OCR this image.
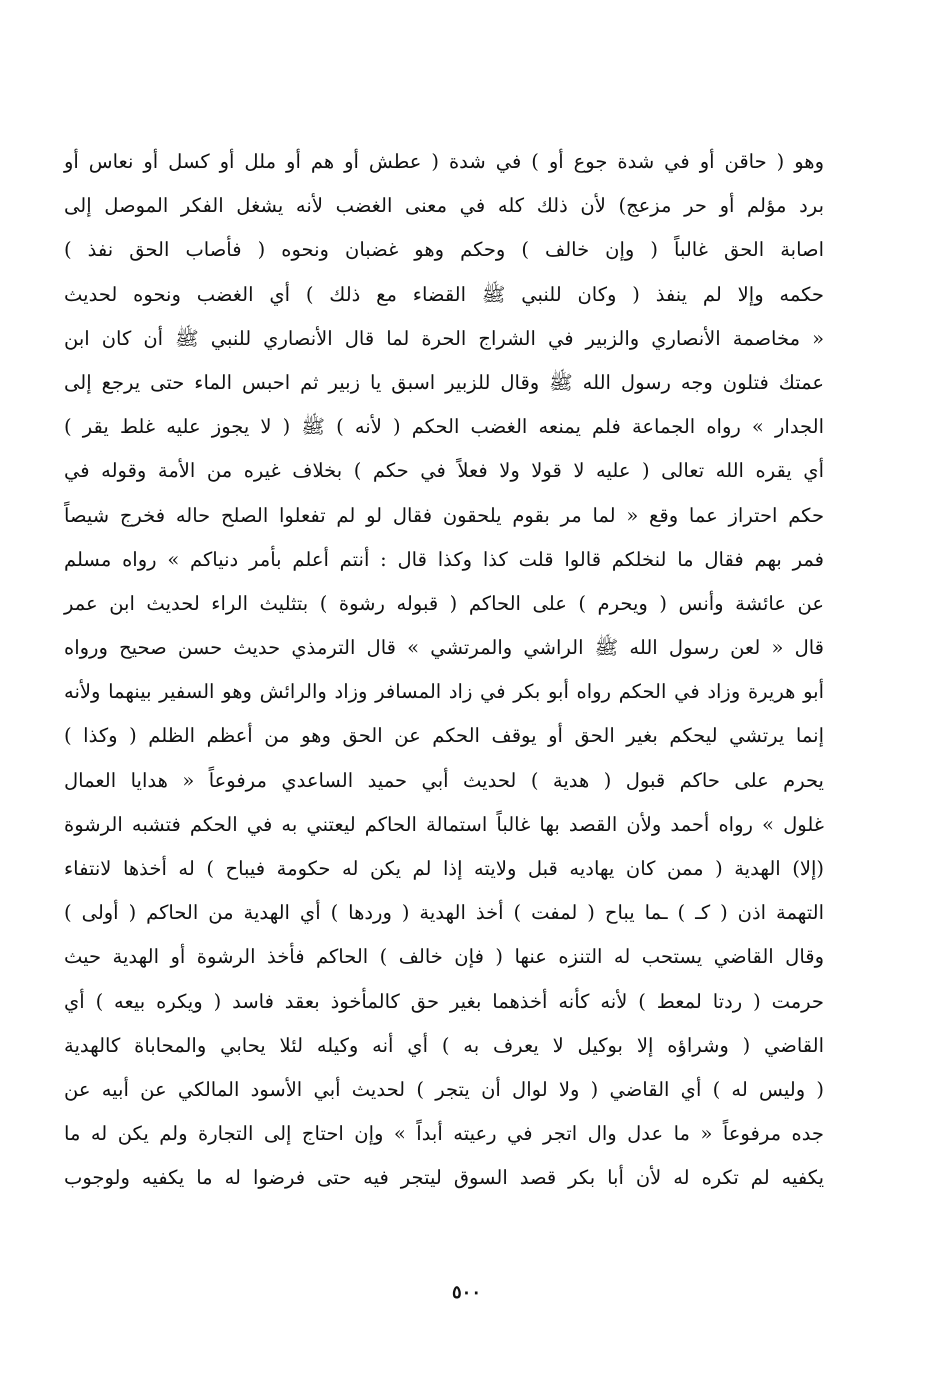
وهو ( حاقن أو في شدة جوع أو ) في شدة ( عطش أو هم أو ملل أو كسل أو نعاس أو
برد مؤلم أو حر مزعج) لأن ذلك كله في معنى الغضب لأنه يشغل الفكر الموصل إلى
اصابة الحق غالباً ( وإن خالف ) وحكم وهو غضبان ونحوه ( فأصاب الحق نفذ )
حكمه وإلا لم ينفذ ( وكان للنبي ﷺ القضاء مع ذلك ) أي الغضب ونحوه لحديث
« مخاصمة الأنصاري والزبير في الشراج الحرة لما قال الأنصاري للنبي ﷺ أن كان ابن
عمتك فتلون وجه رسول الله ﷺ وقال للزبير اسبق يا زبير ثم احبس الماء حتى يرجع إلى
الجدار » رواه الجماعة فلم يمنعه الغضب الحكم ( لأنه ) ﷺ ( لا يجوز عليه غلط يقر )
أي يقره الله تعالى ( عليه لا قولا ولا فعلاً في حكم ) بخلاف غيره من الأمة وقوله في
حكم احتراز عما وقع « لما مر بقوم يلحقون فقال لو لم تفعلوا الصلح حاله فخرج شيصاً
فمر بهم فقال ما لنخلكم قالوا قلت كذا وكذا قال : أنتم أعلم بأمر دنياكم » رواه مسلم
عن عائشة وأنس ( ويحرم ) على الحاكم ( قبوله رشوة ) بتثليث الراء لحديث ابن عمر
قال « لعن رسول الله ﷺ الراشي والمرتشي » قال الترمذي حديث حسن صحيح ورواه
أبو هريرة وزاد في الحكم رواه أبو بكر في زاد المسافر وزاد والرائش وهو السفير بينهما ولأنه
إنما يرتشي ليحكم بغير الحق أو يوقف الحكم عن الحق وهو من أعظم الظلم ( وكذا )
يحرم على حاكم قبول ( هدية ) لحديث أبي حميد الساعدي مرفوعاً « هدايا العمال
غلول » رواه أحمد ولأن القصد بها غالباً استمالة الحاكم ليعتني به في الحكم فتشبه الرشوة
(إلا) الهدية ( ممن كان يهاديه قبل ولايته إذا لم يكن له حكومة فيباح ) له أخذها لانتفاء
التهمة اذن ( كـ ) ـما يباح ( لمفت ) أخذ الهدية ( وردها ) أي الهدية من الحاكم ( أولى )
وقال القاضي يستحب له التنزه عنها ( فإن خالف ) الحاكم فأخذ الرشوة أو الهدية حيث
حرمت ( ردتا لمعط ) لأنه كأنه أخذهما بغير حق كالمأخوذ بعقد فاسد ( ويكره بيعه ) أي
القاضي ( وشراؤه إلا بوكيل لا يعرف به ) أي أنه وكيله لئلا يحابي والمحاباة كالهدية
( وليس له ) أي القاضي ( ولا لوال أن يتجر ) لحديث أبي الأسود المالكي عن أبيه عن
جده مرفوعاً « ما عدل وال اتجر في رعيته أبداً » وإن احتاج إلى التجارة ولم يكن له ما
يكفيه لم تكره له لأن أبا بكر قصد السوق ليتجر فيه حتى فرضوا له ما يكفيه ولوجوب
٥٠٠
